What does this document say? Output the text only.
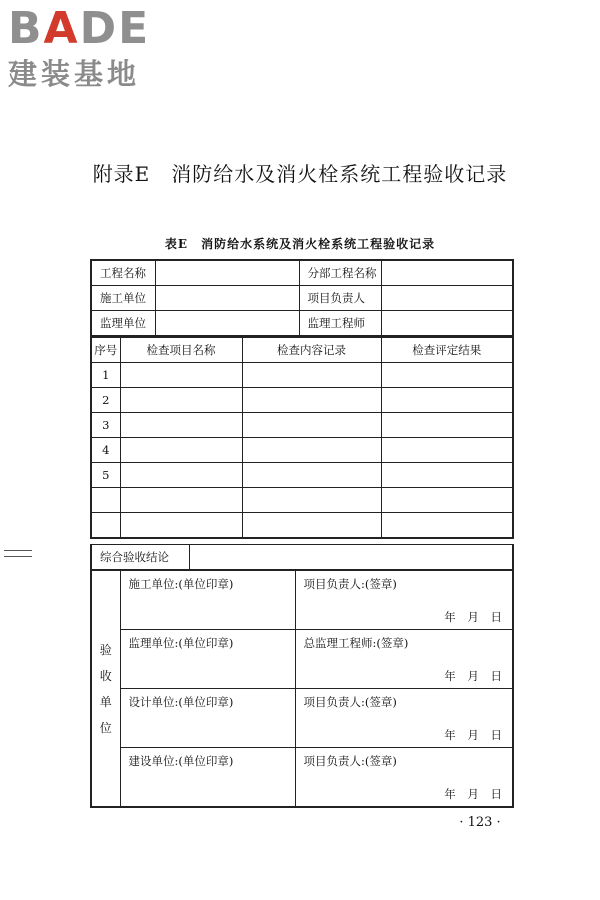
B A DE
建装基地
附录E　消防给水及消火栓系统工程验收记录
表E　消防给水系统及消火栓系统工程验收记录
工程名称		分部工程名称	
施工单位		项目负责人	
监理单位		监理工程师	
序号	检查项目名称	检查内容记录	检查评定结果
1			
2			
3			
4			
5			

综合验收结论	
验收单位	施工单位:(单位印章)	项目负责人:(签章)
年 月 日

	监理单位:(单位印章)	总监理工程师:(签章)
年 月 日

	设计单位:(单位印章)	项目负责人:(签章)
年 月 日

	建设单位:(单位印章)	项目负责人:(签章)
年 月 日
· 123 ·
